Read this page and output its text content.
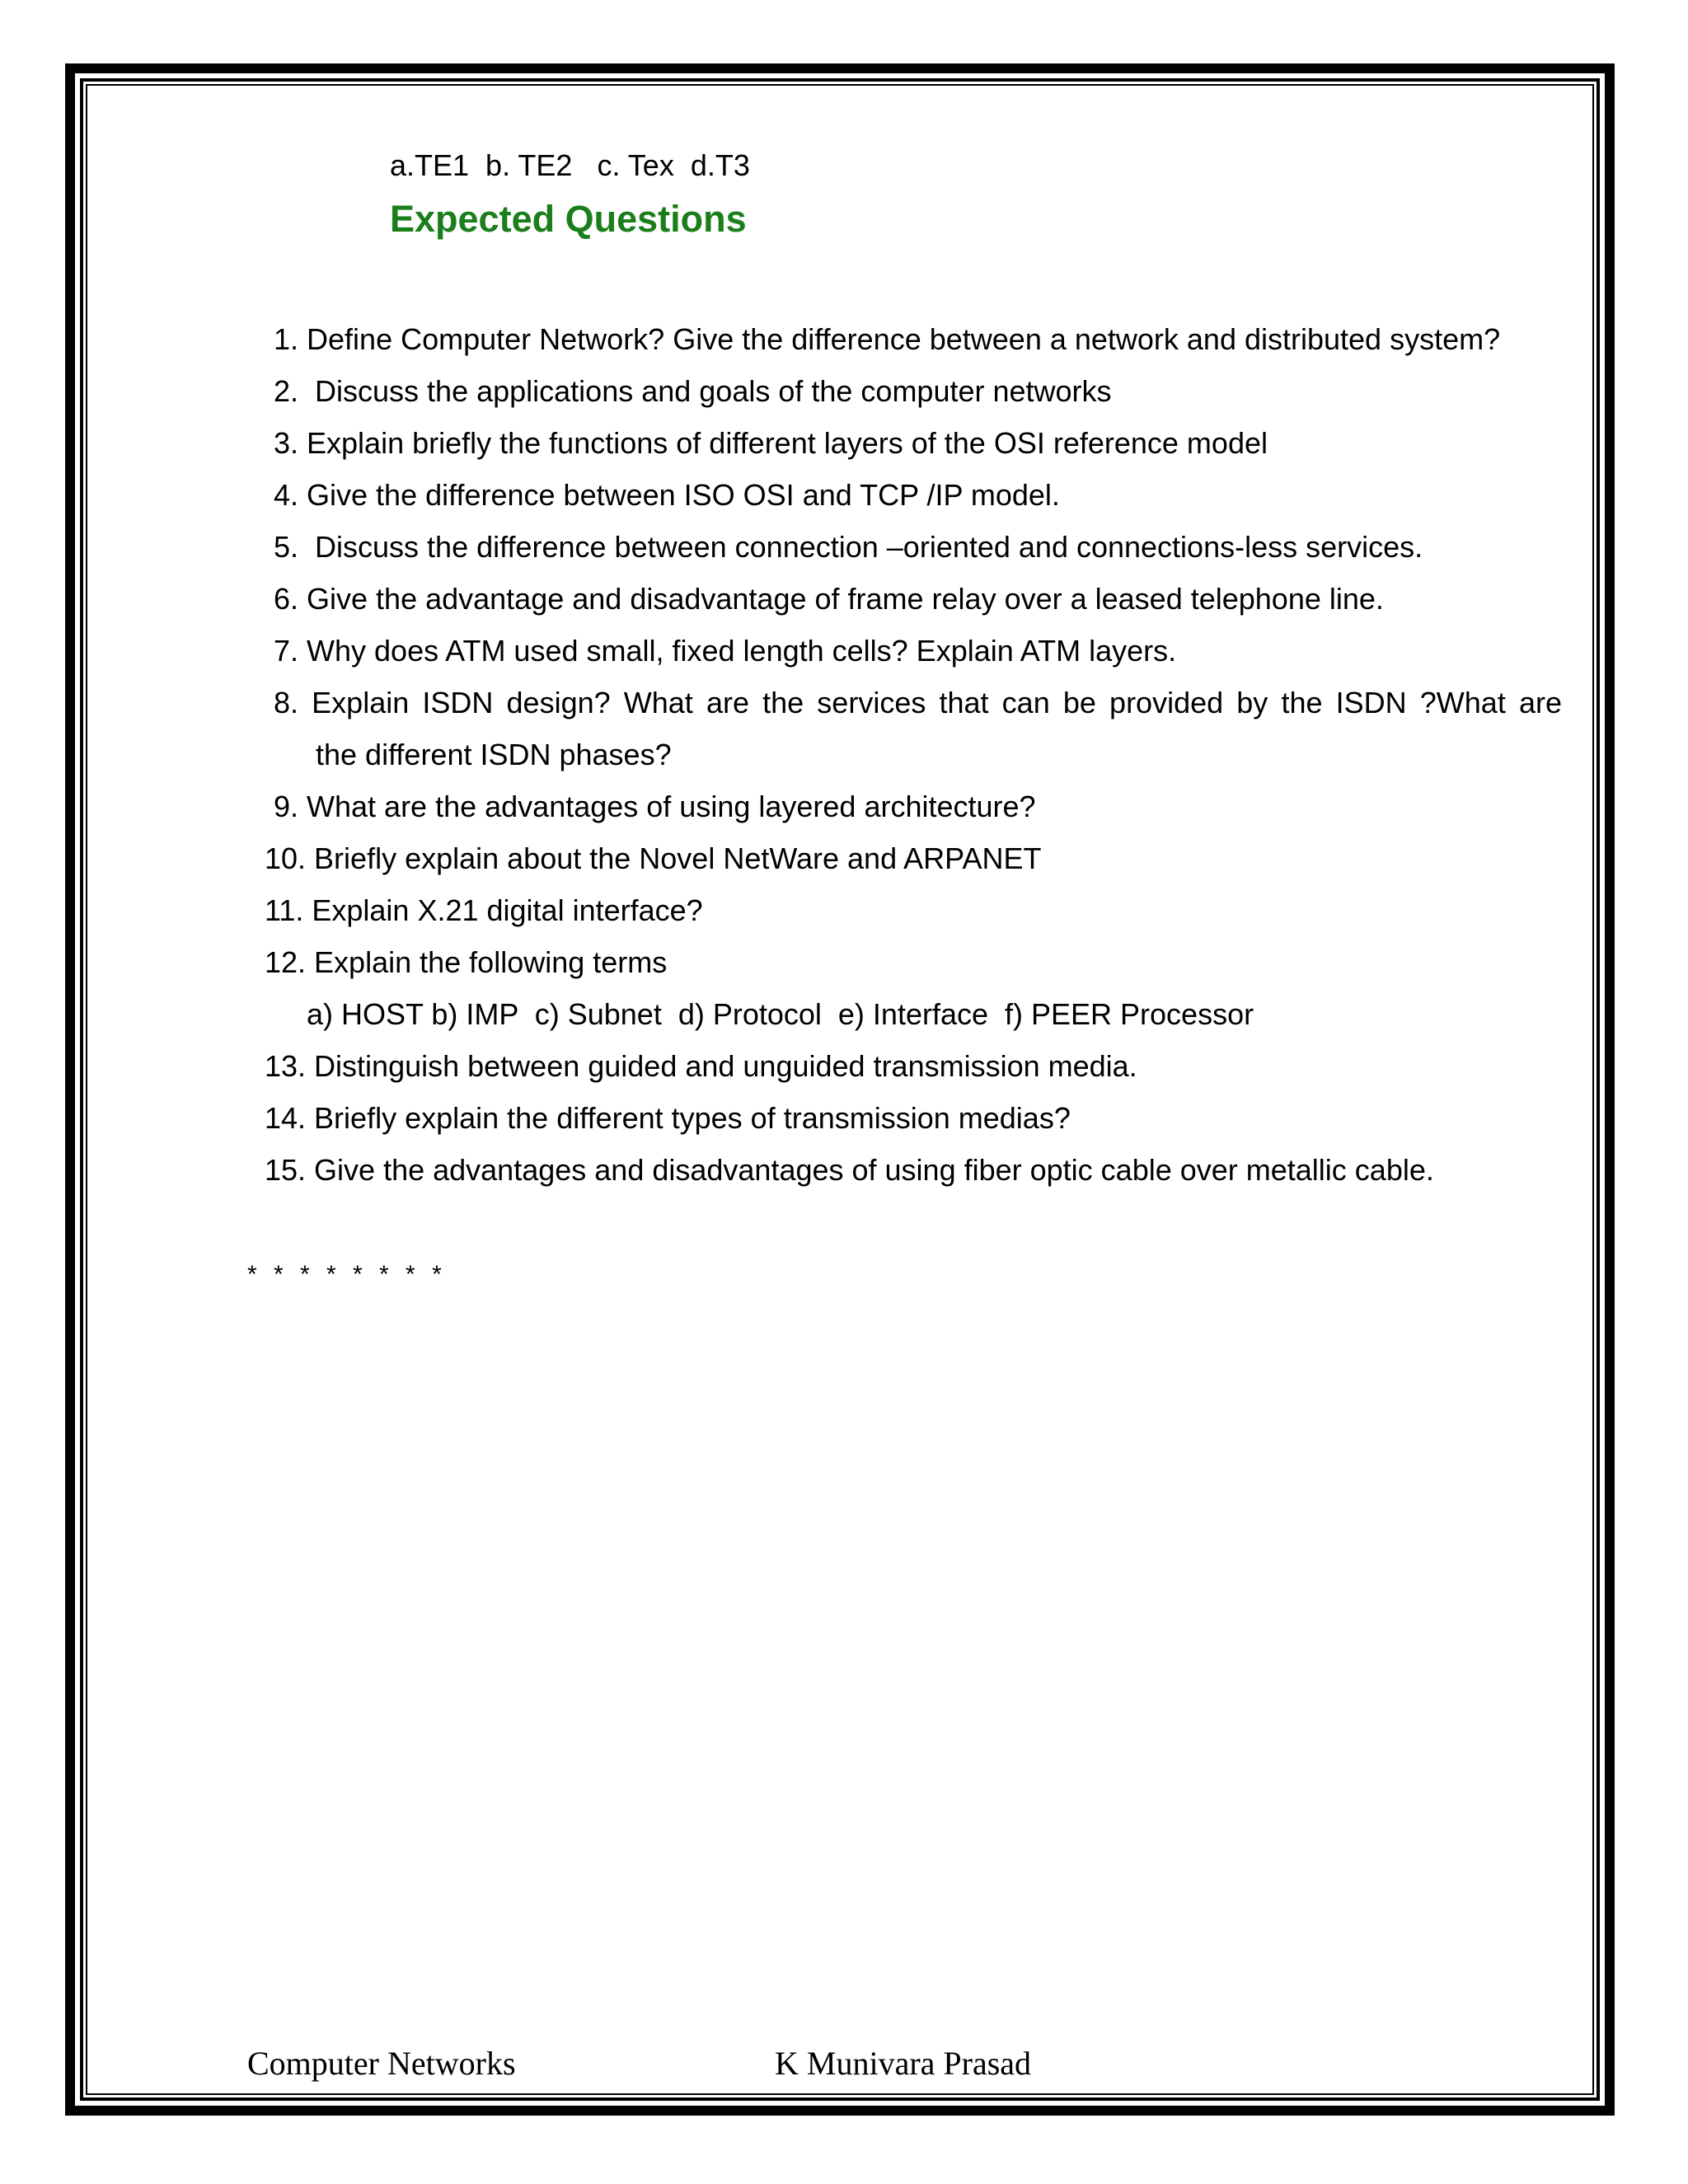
a.TE1  b. TE2   c. Tex  d.T3
Expected Questions
1. Define Computer Network? Give the difference between a network and distributed system?
2.  Discuss the applications and goals of the computer networks
3. Explain briefly the functions of different layers of the OSI reference model
4. Give the difference between ISO OSI and TCP /IP model.
5.  Discuss the difference between connection –oriented and connections-less services.
6. Give the advantage and disadvantage of frame relay over a leased telephone line.
7. Why does ATM used small, fixed length cells? Explain ATM layers.
8. Explain ISDN design? What are the services that can be provided by the ISDN ?What are
the different ISDN phases?
9. What are the advantages of using layered architecture?
10. Briefly explain about the Novel NetWare and ARPANET
11. Explain X.21 digital interface?
12. Explain the following terms
a) HOST b) IMP  c) Subnet  d) Protocol  e) Interface  f) PEER Processor
13. Distinguish between guided and unguided transmission media.
14. Briefly explain the different types of transmission medias?
15. Give the advantages and disadvantages of using fiber optic cable over metallic cable.
* * * * * * * *
Computer Networks	K Munivara Prasad
